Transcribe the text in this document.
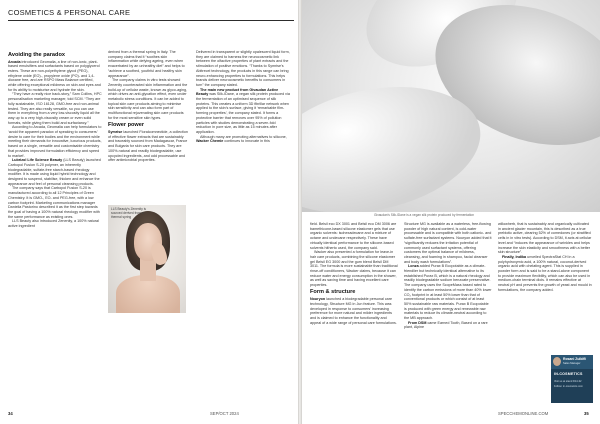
COSMETICS & PERSONAL CARE
Avoiding the paradox

Arcada introduced Geomalia, a line of non-ionic, plant-based emulsifiers and surfactants based on polyglycerol esters. These are non-polyethylene glycol (PEG), ethylene oxide (EO)-, propylene oxide (PO)- and 1,4-dioxane free, and are RSPO Mass Balance certified, while offering exceptional mildness on skin and eyes and for its ability to moisturise and hydrate the skin.

“They have a really nice back-story,” Sam Collins, HPC personalisation marketing manager, told SCM. “They are fully sustainable, ISO 16128, GMO-free and non-animal tested. They are also really versatile, so you can use them in everything from a very low-viscosity liquid all the way up to a very high-viscosity cream or even solid formats, while giving them build and surfactancy.”

According to Arcada, Geomalia can help formulators to ‘avoid the apparent paradox of speaking to consumers’ desire to care for their bodies and the environment while meeting their demands for innovative, luxurious products, based on a single, versatile and customisable chemistry that provides improved formulation efficiency and speed to market’.

Lubrizol Life Science Beauty (LLS Beauty) launched Carbopol Fusion S-20 polymer, an inherently biodegradable, sulfate-free starch-based rheology modifier. It is made using liquid hybrid technology and designed to suspend, stabilise, thicken and enhance the appearance and feel of personal cleansing products.

The company says that Carbopol Fusion S-20 is manufactured according to all 12 Principles of Green Chemistry. It is GMO-, EO- and PEG-free, with a low carbon footprint. Marketing communications manager Daniella Pastorino described it as the first step towards the goal of having a 100% natural rheology modifier with the same performance as existing ones.

LLS Beauty also introduced Zenenity, a 100% natural active ingredient

derived from a thermal spring in Italy. The company claims that it “soothes skin inflammation while defying ageing, even when exacerbated by an unhealthy diet” and helps to “achieve a soothed, youthful and healthy skin appearance”.

The company claims in vitro tests showed Zenenity counteracted skin inflammation and the build-up of cellular waste, known as glyco-aging, which drives an anti-glycation effect, even under metabolic stress conditions. It can be added to topical skin care products aiming to minimise skin sensitivity and can also form part of multifunctional rejuvenating skin care products for the most sensitive skin types.

Flower power

Symrise launched Floralcomnectide, a collection of effective flower extracts that are sustainably and traceably sourced from Madagascar, France and Bulgaria for skin care products. They are 100%-natural and readily biodegradable, use upcycled ingredients, and odd processable and offer antimicrobial properties.

Delivered in transparent or slightly opalescent liquid form, they are claimed to harness the neurocosmetic link between the olfactive properties of plant extracts and the stimulation of positive emotions. “Thanks to Symrise’s Abitrecel technology, the products in this range can bring neuro-enhancing properties to formulations. This helps brands deliver neurocosmetic benefits to consumers in turn” the company stated.

The main new product from Givaudan Active Beauty was Silk-IDane, a vegan silk protein produced via the fermentation of an optimised sequence of silk proteins. This creates a uniform 3D fibrillar network when applied to the skin’s surface, giving it ‘remarkable film-forming properties’, the company stated. It forms a protective barrier that removes over 95% of pollution particles with studies demonstrating a seven-fold reduction in pore size, as little as 15 minutes after application.

Although many are promoting alternatives to silicone, Wacker Chemie continues to innovate in this

LLS Beauty’s Zenenity is sourced derived from a thermal spring
34	SEP/OCT 2024
Givaudan’s Silk-IDane is a vegan silk protein produced by fermentation

field. Belsil eco DX 3001 and Belsil eco DM 3006 are bamethicone-based silicone elastomer gels that use organic solvents: isohexadecane and a mixture of octane and undecane respectively. These have virtually identical performance to the silicone-based solvents hitherto used, the company said.

Wacker also presented a formulation for leave-in hair care products, combining the silicone elastomer gel Belsil EG 3000 and the gum blend Belsil DM 3011. The formula is more sustainable than traditional rinse-off conditioners, Wacker claims, because it can reduce water and energy consumption in the shower, as well as saving time and having excellent care properties.

Form & structure

Nouryon launched a biodegradable personal care technology, Structure MG in Jun feature. This was developed in response to consumers’ increasing preference for more natural and milder ingredients and is claimed to enhance the functionality and appeal of a wide range of personal care formulations.

Structure MG is available as a waterless, free-flowing powder of high natural content, is cold-water processable and is compatible with both cationic- and sulfate-free surfactant systems. Nouryon added that it “significantly reduces the irritation potential of commonly used surfactant systems, offering customers the optimal balance of mildness, cleansing, and foaming in shampoo, facial cleanser and body wash formulations”.

Lonza added Purax B Ecopotable as a climate-friendlier but technically identical alternative to its established Purax B, which is a natural rheology and readily biodegradable sodium benzoate preservative. The company uses the ScopeMass based rated to identify the carbon emissions of more than 40% lower CO₂ footprint in at least 50% lower than that of conventional products or which consist of at least 50% sustainable raw materials. Purax B Ecopotable is produced with green energy and renewable raw materials to reduce its climate-neutral according to the MB approach.

From DSM came Earned Tooth, Based on a rare plant, Alpine

willowherb, that is sustainably and organically cultivated in ancient glacier mountain, this is described as a true prebiotic active, clearing 52% of comedones (or stratified cells in in vitro tests). According to DSM, it acts at cellular level and “induces the appearance of wrinkles and helps increase the skin elasticity and smoothness with a better skin structure”.

Finally, Indika unveiled SpectraStat CH in a polyhydroxymic acid, a 100% natural, coconut-derived organic acid with chelating agent. This is supplied in powder form and is said to be a stand-alone component to provide maximum flexibility, which can also be used in medium-chain terminal diols. It remains effective at neutral pH and prevents the growth of yeast and mould in formulations, the company added.

Rosani Zulkifli
Sales Manager
IN-COSMETICS
Visit us at stand D14-32
Follow: in-cosmetics.com
SPECCHEMONLINE.COM	35
